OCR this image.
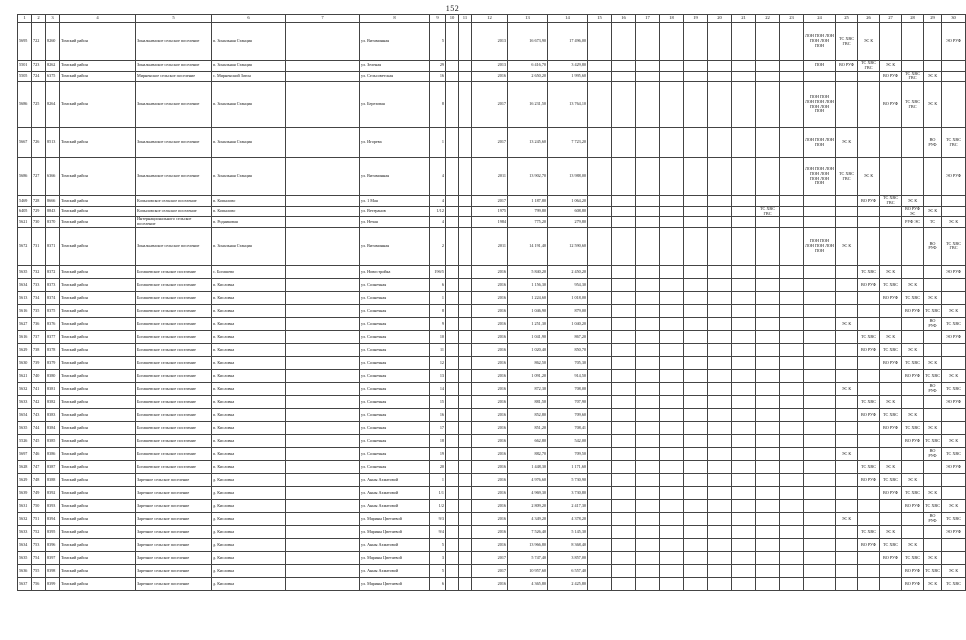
152
1	2	3	4	5	6	7	8	9	10	11	12	13	14	15	16	17	18	19	20	21	22	23	24	25	26	27	28	29	30
5695	722	8260	Томский район	Зональненское сельское поселение	п. Зональная Станция		ул. Витаминная	5			2013	16 673,90	17 496,00										ЛОН ПОН ЛОН ПОН ЛОН ПОН	ТС ХВС ГВС	ЭС К				ЭО РУФ
5501	723	8262	Томский район	Зональненское сельское поселение	п. Зональная Станция		ул. Зеленая	29			2013	6 416,70	3 429,80										ПОН	ВО РУФ	ТС ХВС ГВС	ЭС К			
5505	724	6375	Томский район	Мирненское сельское поселение	с. Мирненский Затон		ул. Сельсоветская	16			2016	2 650,20	1 995,60													ВО РУФ	ТС ХВС ГВС	ЭС К	
5686	725	8264	Томский район	Зональненское сельское поселение	п. Зональная Станция		ул. Березовая	8			2017	16 231,50	13 764,10										ПОН ПОН ЛОН ПОН ЛОН ПОН ЛОН ПОН			ВО РУФ	ТС ХВС ГВС	ЭС К	
5667	726	8513	Томский район	Зональненское сельское поселение	п. Зональная Станция		ул. Игорева	1			2017	13 245,60	7 723,20										ЛОН ПОН ЛОН ПОН	ЭС К				ВО РУФ	ТС ХВС ГВС
5686	727	6366	Томский район	Зональненское сельское поселение	п. Зональная Станция		ул. Витаминная	4			2011	13 902,70	13 988,00										ЛОН ПОН ЛОН ПОН ЛОН ПОН ЛОН ПОН	ТС ХВС ГВС	ЭС К				ЭО РУФ
5469	728	8666	Томский район	Копыловское сельское поселение	п. Копылово		ул. 1 Мая	4			2017	1 187,80	1 064,20												ВО РУФ	ТС ХВС ГВС	ЭС К		
6405	729	8843	Томский район	Копыловское сельское поселение	п. Копылово		ул. Ветеранов	1/12			1975	799,80	608,80								ТС ХВС ГВС						ВО РУФ ЭС	ЭС К	
5621	730	8370	Томский район	Интернационального сельское поселение	п. Родниковая		ул. Нечая	4			1984	775,20	279,80														РУФ ЭС	ТС	ЭС К
5672	731	8371	Томский район	Зональненское сельское поселение	п. Зональная Станция		ул. Витаминная	2			2011	14 191,40	12 590,60										ПОН ПОН ЛОН ПОН ЛОН ПОН	ЭС К				ВО РУФ	ТС ХВС ГВС
5635	732	8372	Томский район	Богашевское сельское поселение	с. Богашево		ул. Новостройка	19б/5			2016	5 840,20	2 450,20												ТС ХВС	ЭС К			ЭО РУФ
5634	733	8373	Томский район	Богашевское сельское поселение	п. Кисловка		ул. Солнечная	6			2016	1 156,30	954,30												ВО РУФ	ТС ХВС	ЭС К		
5613	734	8374	Томский район	Богашевское сельское поселение	п. Кисловка		ул. Солнечная	1			2016	1 224,60	1 018,00													ВО РУФ	ТС ХВС	ЭС К	
5616	735	8375	Томский район	Богашевское сельское поселение	п. Кисловка		ул. Солнечная	8			2016	1 046,90	879,00														ВО РУФ	ТС ХВС	ЭС К
5627	736	8376	Томский район	Богашевское сельское поселение	п. Кисловка		ул. Солнечная	9			2016	1 251,30	1 040,20											ЭС К				ВО РУФ	ТС ХВС
5616	737	8377	Томский район	Богашевское сельское поселение	п. Кисловка		ул. Солнечная	10			2016	1 041,90	867,20												ТС ХВС	ЭС К			ЭО РУФ
5629	738	8378	Томский район	Богашевское сельское поселение	п. Кисловка		ул. Солнечная	11			2016	1 020,40	850,70												ВО РУФ	ТС ХВС	ЭС К		
5630	739	8379	Томский район	Богашевское сельское поселение	п. Кисловка		ул. Солнечная	12			2016	862,50	705,30													ВО РУФ	ТС ХВС	ЭС К	
5621	740	8380	Томский район	Богашевское сельское поселение	п. Кисловка		ул. Солнечная	13			2016	1 091,20	914,50														ВО РУФ	ТС ХВС	ЭС К
5632	741	8381	Томский район	Богашевское сельское поселение	п. Кисловка		ул. Солнечная	14			2016	872,30	708,00											ЭС К				ВО РУФ	ТС ХВС
5633	742	8382	Томский район	Богашевское сельское поселение	п. Кисловка		ул. Солнечная	15			2016	881,50	707,90												ТС ХВС	ЭС К			ЭО РУФ
5654	743	8383	Томский район	Богашевское сельское поселение	п. Кисловка		ул. Солнечная	16			2016	852,80	709,60												ВО РУФ	ТС ХВС	ЭС К		
5635	744	8384	Томский район	Богашевское сельское поселение	п. Кисловка		ул. Солнечная	17			2016	851,20	708,41													ВО РУФ	ТС ХВС	ЭС К	
5526	745	8385	Томский район	Богашевское сельское поселение	п. Кисловка		ул. Солнечная	18			2016	662,80	542,00														ВО РУФ	ТС ХВС	ЭС К
5697	746	8386	Томский район	Богашевское сельское поселение	п. Кисловка		ул. Солнечная	19			2016	882,70	709,50											ЭС К				ВО РУФ	ТС ХВС
5628	747	8387	Томский район	Богашевское сельское поселение	п. Кисловка		ул. Солнечная	20			2016	1 448,30	1 171,60												ТС ХВС	ЭС К			ЭО РУФ
5629	748	8388	Томский район	Заречное сельское поселение	д. Кисловка		ул. Анны Ахматовой	1			2016	4 976,60	5 730,90												ВО РУФ	ТС ХВС	ЭС К		
5639	749	8392	Томский район	Заречное сельское поселение	д. Кисловка		ул. Анны Ахматовой	1/1			2016	4 969,30	3 730,80													ВО РУФ	ТС ХВС	ЭС К	
5631	750	8393	Томский район	Заречное сельское поселение	д. Кисловка		ул. Анны Ахматовой	1/2			2016	2 809,20	2 417,30														ВО РУФ	ТС ХВС	ЭС К
5632	751	8394	Томский район	Заречное сельское поселение	д. Кисловка		ул. Марины Цветаевой	9/3			2016	4 349,20	4 378,20											ЭС К				ВО РУФ	ТС ХВС
5633	752	8395	Томский район	Заречное сельское поселение	д. Кисловка		ул. Марины Цветаевой	9/4			2016	7 526,40	5 145,30												ТС ХВС	ЭС К			ЭО РУФ
5634	753	8396	Томский район	Заречное сельское поселение	д. Кисловка		ул. Анны Ахматовой	5			2016	13 966,80	8 368,40												ВО РУФ	ТС ХВС	ЭС К		
5635	754	8397	Томский район	Заречное сельское поселение	д. Кисловка		ул. Марины Цветаевой	3			2017	5 747,40	3 857,00													ВО РУФ	ТС ХВС	ЭС К	
5636	755	8398	Томский район	Заречное сельское поселение	д. Кисловка		ул. Анны Ахматовой	5			2017	10 957,60	6 557,40														ВО РУФ	ТС ХВС	ЭС К
5637	756	8399	Томский район	Заречное сельское поселение	д. Кисловка		ул. Марины Цветаевой	6			2016	4 365,80	2 425,80														ВО РУФ	ЭС К	ТС ХВС
